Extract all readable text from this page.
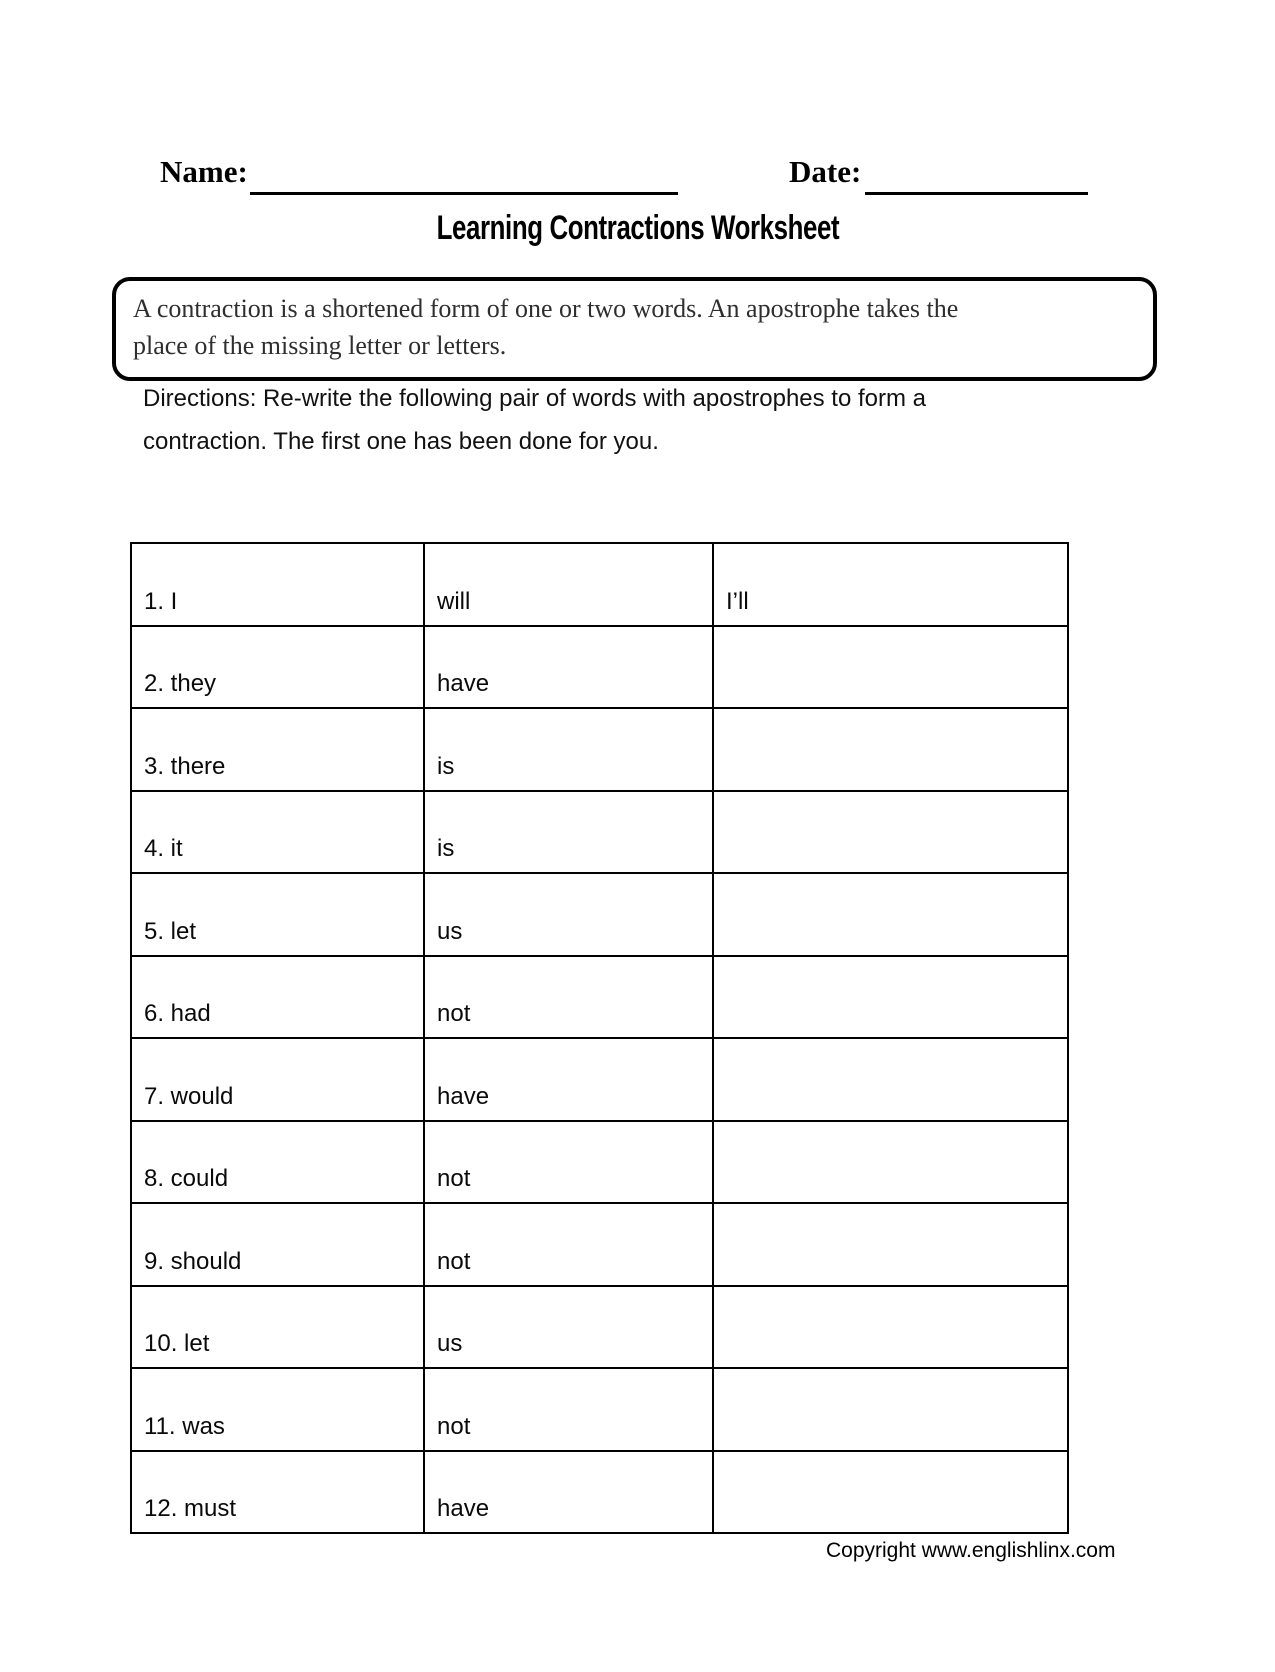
Name:	Date:
Learning Contractions Worksheet
A contraction is a shortened form of one or two words. An apostrophe takes the
place of the missing letter or letters.
Directions: Re-write the following pair of words with apostrophes to form a
contraction. The first one has been done for you.
1. I	will	I’ll
2. they	have	
3. there	is	
4. it	is	
5. let	us	
6. had	not	
7. would	have	
8. could	not	
9. should	not	
10. let	us	
11. was	not	
12. must	have	
Copyright www.englishlinx.com
